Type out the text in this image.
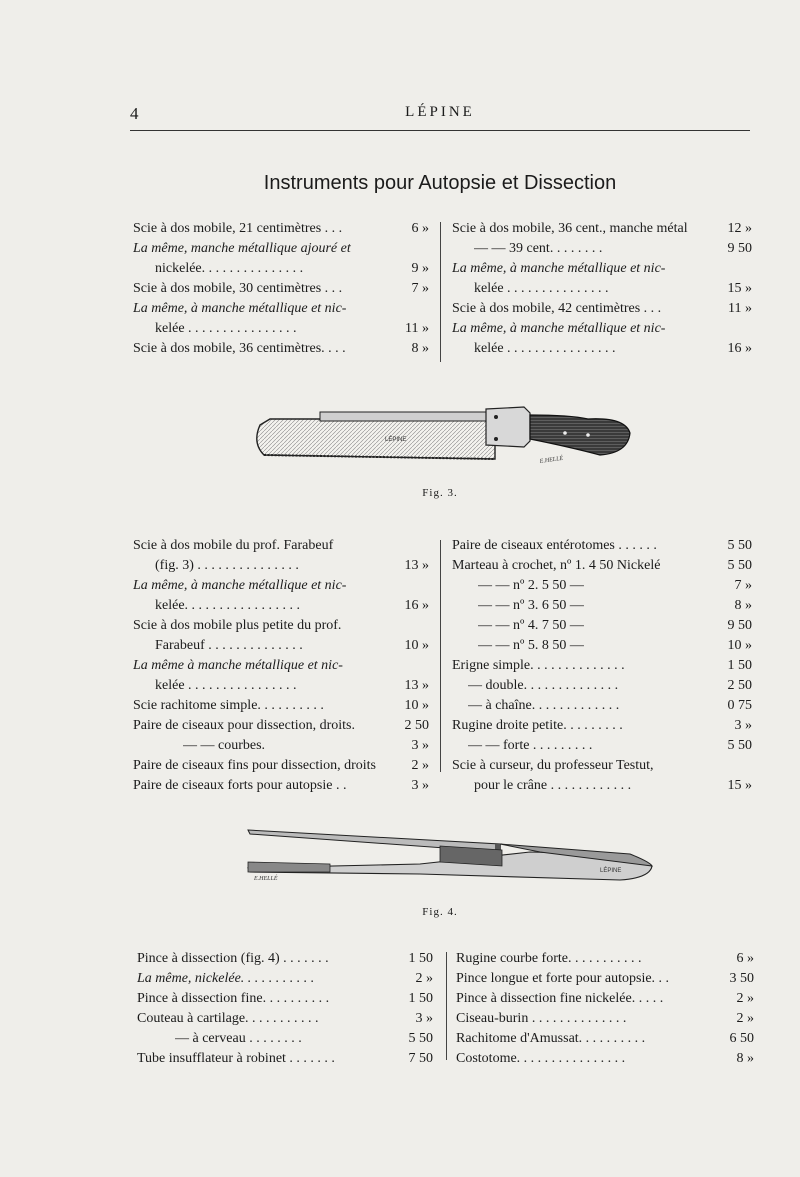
4	LÉPINE
Instruments pour Autopsie et Dissection
Scie à dos mobile, 21 centimètres . . .	6 »
La même, manche métallique ajouré et
nickelée. . . . . . . . . . . . . . .	9 »
Scie à dos mobile, 30 centimètres . . .	7 »
La même, à manche métallique et nic-
kelée . . . . . . . . . . . . . . . .	11 »
Scie à dos mobile, 36 centimètres. . . .	8 »
Scie à dos mobile, 36 cent., manche métal	12 »
— — 39 cent. . . . . . . .	9 50
La même, à manche métallique et nic-
kelée . . . . . . . . . . . . . . .	15 »
Scie à dos mobile, 42 centimètres . . .	11 »
La même, à manche métallique et nic-
kelée . . . . . . . . . . . . . . . .	16 »
LÉPINE
E.HELLÉ
Fig. 3.
Scie à dos mobile du prof. Farabeuf
(fig. 3) . . . . . . . . . . . . . . .	13 »
La même, à manche métallique et nic-
kelée. . . . . . . . . . . . . . . . .	16 »
Scie à dos mobile plus petite du prof.
Farabeuf . . . . . . . . . . . . . .	10 »
La même à manche métallique et nic-
kelée . . . . . . . . . . . . . . . .	13 »
Scie rachitome simple. . . . . . . . . .	10 »
Paire de ciseaux pour dissection, droits.	2 50
— — courbes.	3 »
Paire de ciseaux fins pour dissection, droits	2 »
Paire de ciseaux forts pour autopsie . .	3 »
Paire de ciseaux entérotomes . . . . . .	5 50
Marteau à crochet, nº 1. 4 50 Nickelé	5 50
— — nº 2. 5 50 —	7 »
— — nº 3. 6 50 —	8 »
— — nº 4. 7 50 —	9 50
— — nº 5. 8 50 —	10 »
Erigne simple. . . . . . . . . . . . . .	1 50
— double. . . . . . . . . . . . . .	2 50
— à chaîne. . . . . . . . . . . . .	0 75
Rugine droite petite. . . . . . . . .	3 »
— — forte . . . . . . . . .	5 50
Scie à curseur, du professeur Testut,
pour le crâne . . . . . . . . . . . .	15 »
LÉPINE
E.HELLÉ
Fig. 4.
Pince à dissection (fig. 4) . . . . . . .	1 50
La même, nickelée. . . . . . . . . . .	2 »
Pince à dissection fine. . . . . . . . . .	1 50
Couteau à cartilage. . . . . . . . . . .	3 »
— à cerveau . . . . . . . .	5 50
Tube insufflateur à robinet . . . . . . .	7 50
Rugine courbe forte. . . . . . . . . . .	6 »
Pince longue et forte pour autopsie. . .	3 50
Pince à dissection fine nickelée. . . . .	2 »
Ciseau-burin . . . . . . . . . . . . . .	2 »
Rachitome d'Amussat. . . . . . . . . .	6 50
Costotome. . . . . . . . . . . . . . . .	8 »
